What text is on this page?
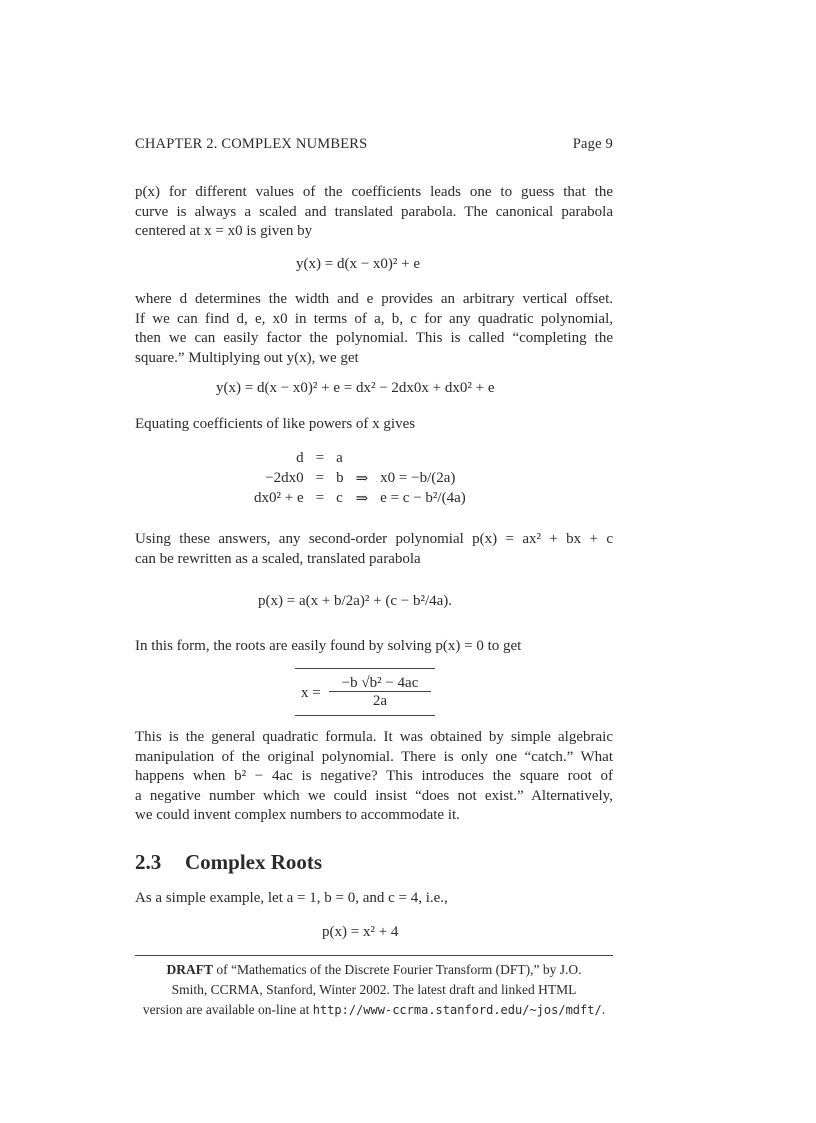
CHAPTER 2. COMPLEX NUMBERS	Page 9
p(x) for different values of the coefficients leads one to guess that the
curve is always a scaled and translated parabola. The canonical parabola
centered at x = x0 is given by
y(x) = d(x − x0)² + e
where d determines the width and e provides an arbitrary vertical offset.
If we can find d, e, x0 in terms of a, b, c for any quadratic polynomial,
then we can easily factor the polynomial. This is called “completing the
square.” Multiplying out y(x), we get
y(x) = d(x − x0)² + e = dx² − 2dx0x + dx0² + e
Equating coefficients of like powers of x gives
d	=	a		
−2dx0	=	b	⇒	x0 = −b/(2a)
dx0² + e	=	c	⇒	e = c − b²/(4a)
Using these answers, any second-order polynomial p(x) = ax² + bx + c
can be rewritten as a scaled, translated parabola
p(x) = a(x + b/2a)² + (c − b²/4a).
In this form, the roots are easily found by solving p(x) = 0 to get
$x = \frac{\text{−b √b² − 4ac}}{2a}$
This is the general quadratic formula. It was obtained by simple algebraic
manipulation of the original polynomial. There is only one “catch.” What
happens when b² − 4ac is negative? This introduces the square root of
a negative number which we could insist “does not exist.” Alternatively,
we could invent complex numbers to accommodate it.
2.3 Complex Roots
As a simple example, let a = 1, b = 0, and c = 4, i.e.,
p(x) = x² + 4
DRAFT of “Mathematics of the Discrete Fourier Transform (DFT),” by J.O.
Smith, CCRMA, Stanford, Winter 2002. The latest draft and linked HTML
version are available on-line at http://www-ccrma.stanford.edu/~jos/mdft/.
